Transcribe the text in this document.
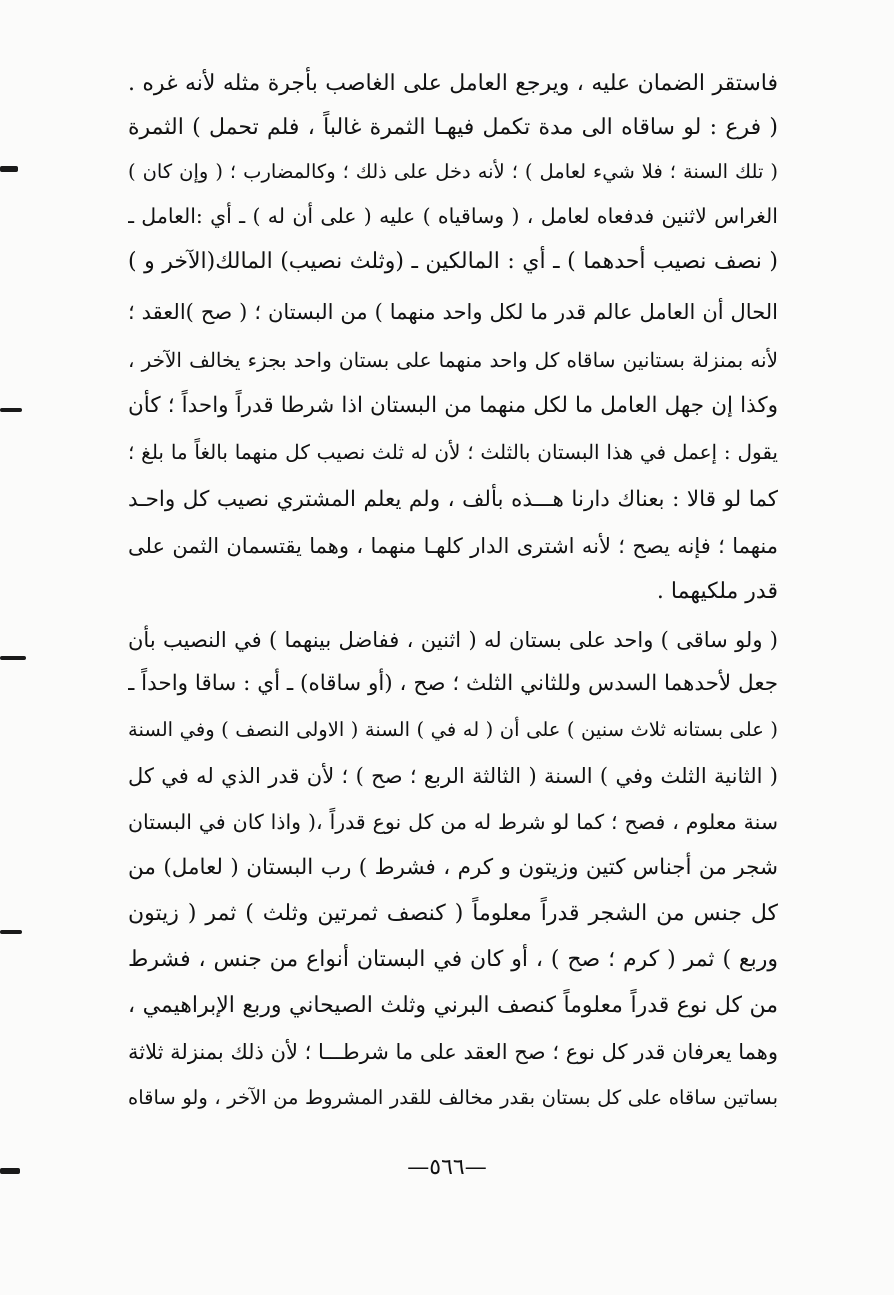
فاستقر الضمان عليه ، ويرجع العامل على الغاصب بأجرة مثله لأنه غره .
( فرع : لو ساقاه الى مدة تكمل فيهـا الثمرة غالباً ، فلم تحمل ) الثمرة
( تلك السنة ؛ فلا شيء لعامل ) ؛ لأنه دخل على ذلك ؛ وكالمضارب ؛ ( وإن كان )
الغراس لاثنين فدفعاه لعامل ، ( وساقياه ) عليه ( على أن له ) ـ أي :العامل ـ
( نصف نصيب أحدهما ) ـ أي : المالكين ـ (وثلث نصيب) المالك(الآخر و )
الحال أن العامل عالم قدر ما لكل واحد منهما ) من البستان ؛ ( صح )العقد ؛
لأنه بمنزلة بستانين ساقاه كل واحد منهما على بستان واحد بجزء يخالف الآخر ،
وكذا إن جهل العامل ما لكل منهما من البستان اذا شرطا قدراً واحداً ؛ كأن
يقول : إعمل في هذا البستان بالثلث ؛ لأن له ثلث نصيب كل منهما بالغاً ما بلغ ؛
كما لو قالا : بعناك دارنا هـــذه بألف ، ولم يعلم المشتري نصيب كل واحـد
منهما ؛ فإنه يصح ؛ لأنه اشترى الدار كلهـا منهما ، وهما يقتسمان الثمن على
قدر ملكيهما .
( ولو ساقى ) واحد على بستان له ( اثنين ، ففاضل بينهما ) في النصيب بأن
جعل لأحدهما السدس وللثاني الثلث ؛ صح ، (أو ساقاه) ـ أي : ساقا واحداً ـ
( على بستانه ثلاث سنين ) على أن ( له في ) السنة ( الاولى النصف ) وفي السنة
( الثانية الثلث وفي ) السنة ( الثالثة الربع ؛ صح ) ؛ لأن قدر الذي له في كل
سنة معلوم ، فصح ؛ كما لو شرط له من كل نوع قدراً ،( واذا كان في البستان
شجر من أجناس كتين وزيتون و كرم ، فشرط ) رب البستان ( لعامل) من
كل جنس من الشجر قدراً معلوماً ( كنصف ثمرتين وثلث ) ثمر ( زيتون
وربع ) ثمر ( كرم ؛ صح ) ، أو كان في البستان أنواع من جنس ، فشرط
من كل نوع قدراً معلوماً كنصف البرني وثلث الصيحاني وربع الإبراهيمي ،
وهما يعرفان قدر كل نوع ؛ صح العقد على ما شرطـــا ؛ لأن ذلك بمنزلة ثلاثة
بساتين ساقاه على كل بستان بقدر مخالف للقدر المشروط من الآخر ، ولو ساقاه
—٥٦٦—
